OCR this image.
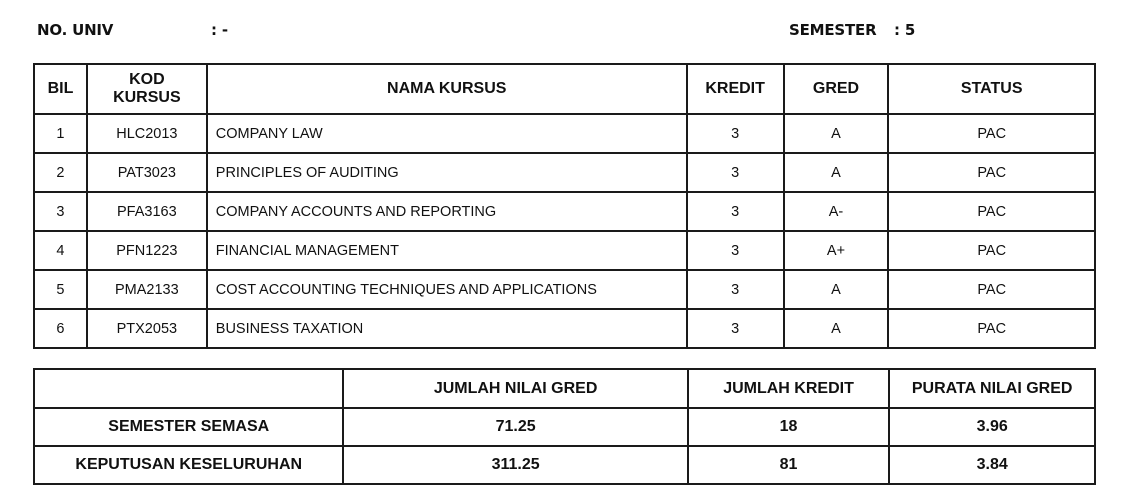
NO. UNIV	: -	SEMESTER : 5
BIL	KOD KURSUS	NAMA KURSUS	KREDIT	GRED	STATUS
1	HLC2013	COMPANY LAW	3	A	PAC
2	PAT3023	PRINCIPLES OF AUDITING	3	A	PAC
3	PFA3163	COMPANY ACCOUNTS AND REPORTING	3	A-	PAC
4	PFN1223	FINANCIAL MANAGEMENT	3	A+	PAC
5	PMA2133	COST ACCOUNTING TECHNIQUES AND APPLICATIONS	3	A	PAC
6	PTX2053	BUSINESS TAXATION	3	A	PAC
	JUMLAH NILAI GRED	JUMLAH KREDIT	PURATA NILAI GRED
SEMESTER SEMASA	71.25	18	3.96
KEPUTUSAN KESELURUHAN	311.25	81	3.84
